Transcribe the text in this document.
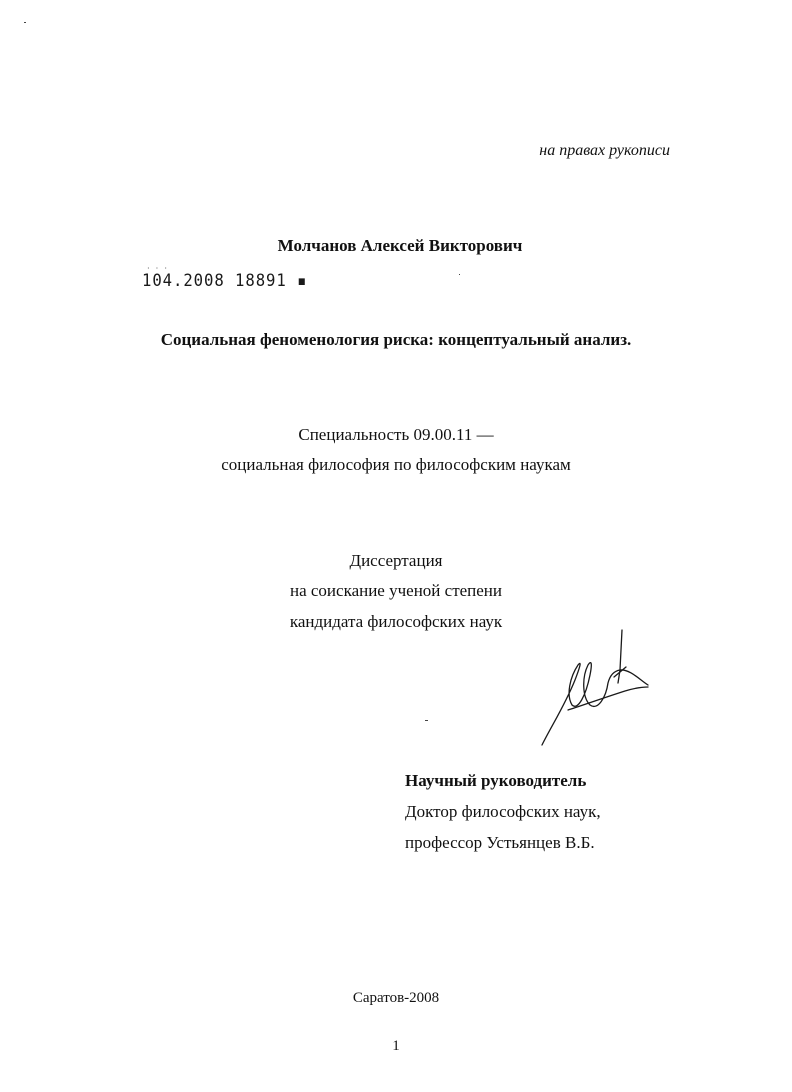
на правах рукописи
Молчанов Алексей Викторович
· · ·
104.2008 18891 ▪
Социальная феноменология риска: концептуальный анализ.
Специальность 09.00.11 —
социальная философия по философским наукам
Диссертация
на соискание ученой степени
кандидата философских наук
Научный руководитель
Доктор философских наук,
профессор Устьянцев В.Б.
Саратов-2008
1
